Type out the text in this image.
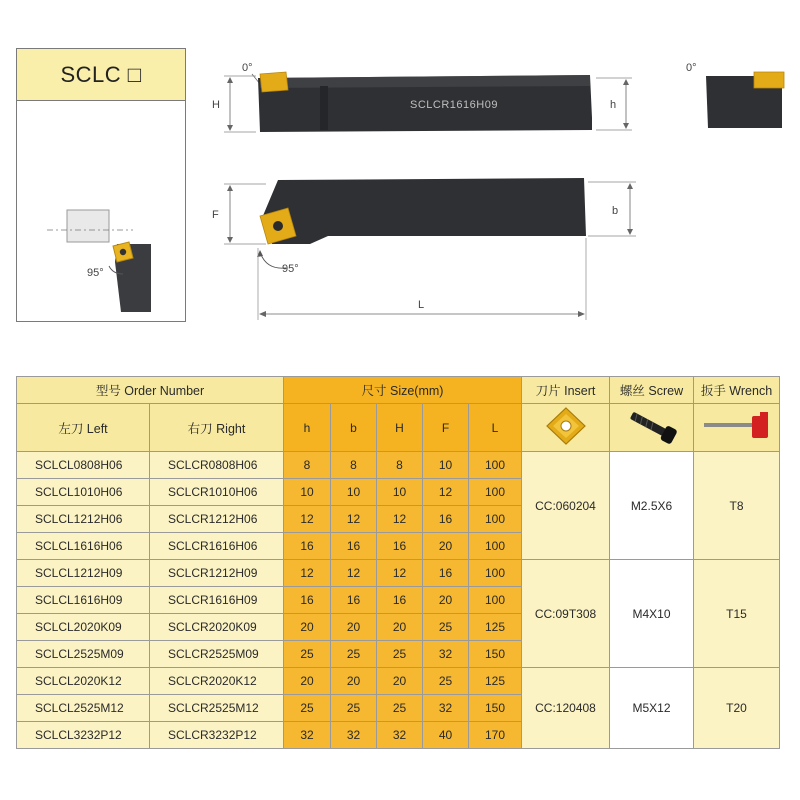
SCLC □
95°
0°
H	SCLCR1616H09	h
0°
F	b
95°
L
型号 Order Number		尺寸 Size(mm)					刀片 Insert	螺丝 Screw	扳手 Wrench
左刀 Left	右刀 Right	h	b	H	F	L			
SCLCL0808H06	SCLCR0808H06	8	8	8	10	100	CC:060204	M2.5X6	T8
SCLCL1010H06	SCLCR1010H06	10	10	10	12	100			
SCLCL1212H06	SCLCR1212H06	12	12	12	16	100			
SCLCL1616H06	SCLCR1616H06	16	16	16	20	100			
SCLCL1212H09	SCLCR1212H09	12	12	12	16	100	CC:09T308	M4X10	T15
SCLCL1616H09	SCLCR1616H09	16	16	16	20	100			
SCLCL2020K09	SCLCR2020K09	20	20	20	25	125			
SCLCL2525M09	SCLCR2525M09	25	25	25	32	150			
SCLCL2020K12	SCLCR2020K12	20	20	20	25	125	CC:120408	M5X12	T20
SCLCL2525M12	SCLCR2525M12	25	25	25	32	150			
SCLCL3232P12	SCLCR3232P12	32	32	32	40	170			
